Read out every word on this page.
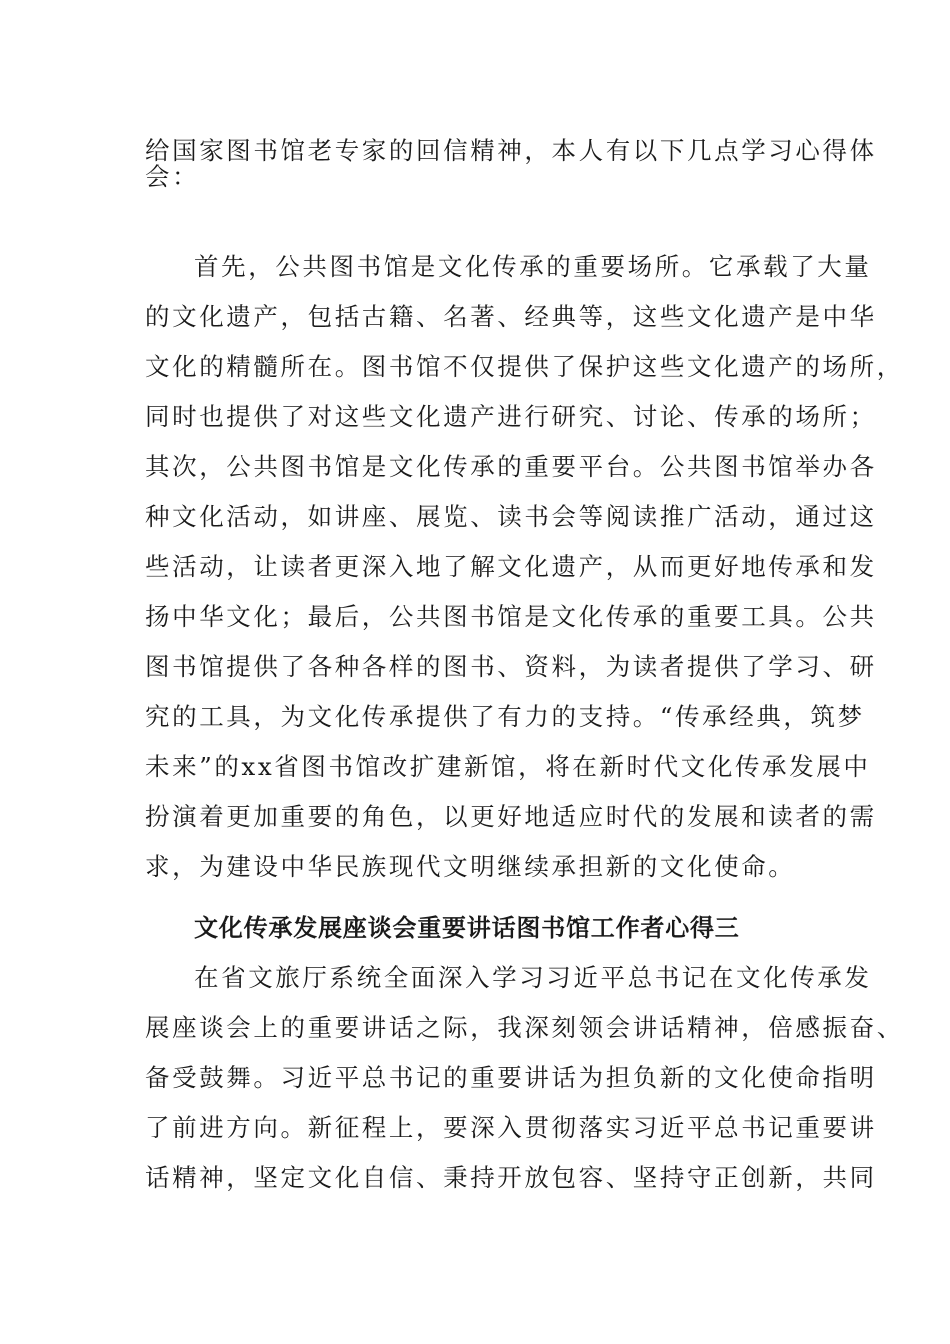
给国家图书馆老专家的回信精神，本人有以下几点学习心得体
会：
首先，公共图书馆是文化传承的重要场所。它承载了大量
的文化遗产，包括古籍、名著、经典等，这些文化遗产是中华
文化的精髓所在。图书馆不仅提供了保护这些文化遗产的场所，
同时也提供了对这些文化遗产进行研究、讨论、传承的场所；
其次，公共图书馆是文化传承的重要平台。公共图书馆举办各
种文化活动，如讲座、展览、读书会等阅读推广活动，通过这
些活动，让读者更深入地了解文化遗产，从而更好地传承和发
扬中华文化；最后，公共图书馆是文化传承的重要工具。公共
图书馆提供了各种各样的图书、资料，为读者提供了学习、研
究的工具，为文化传承提供了有力的支持。“传承经典，筑梦
未来”的xx省图书馆改扩建新馆，将在新时代文化传承发展中
扮演着更加重要的角色，以更好地适应时代的发展和读者的需
求，为建设中华民族现代文明继续承担新的文化使命。
文化传承发展座谈会重要讲话图书馆工作者心得三
在省文旅厅系统全面深入学习习近平总书记在文化传承发
展座谈会上的重要讲话之际，我深刻领会讲话精神，倍感振奋、
备受鼓舞。习近平总书记的重要讲话为担负新的文化使命指明
了前进方向。新征程上，要深入贯彻落实习近平总书记重要讲
话精神，坚定文化自信、秉持开放包容、坚持守正创新，共同
